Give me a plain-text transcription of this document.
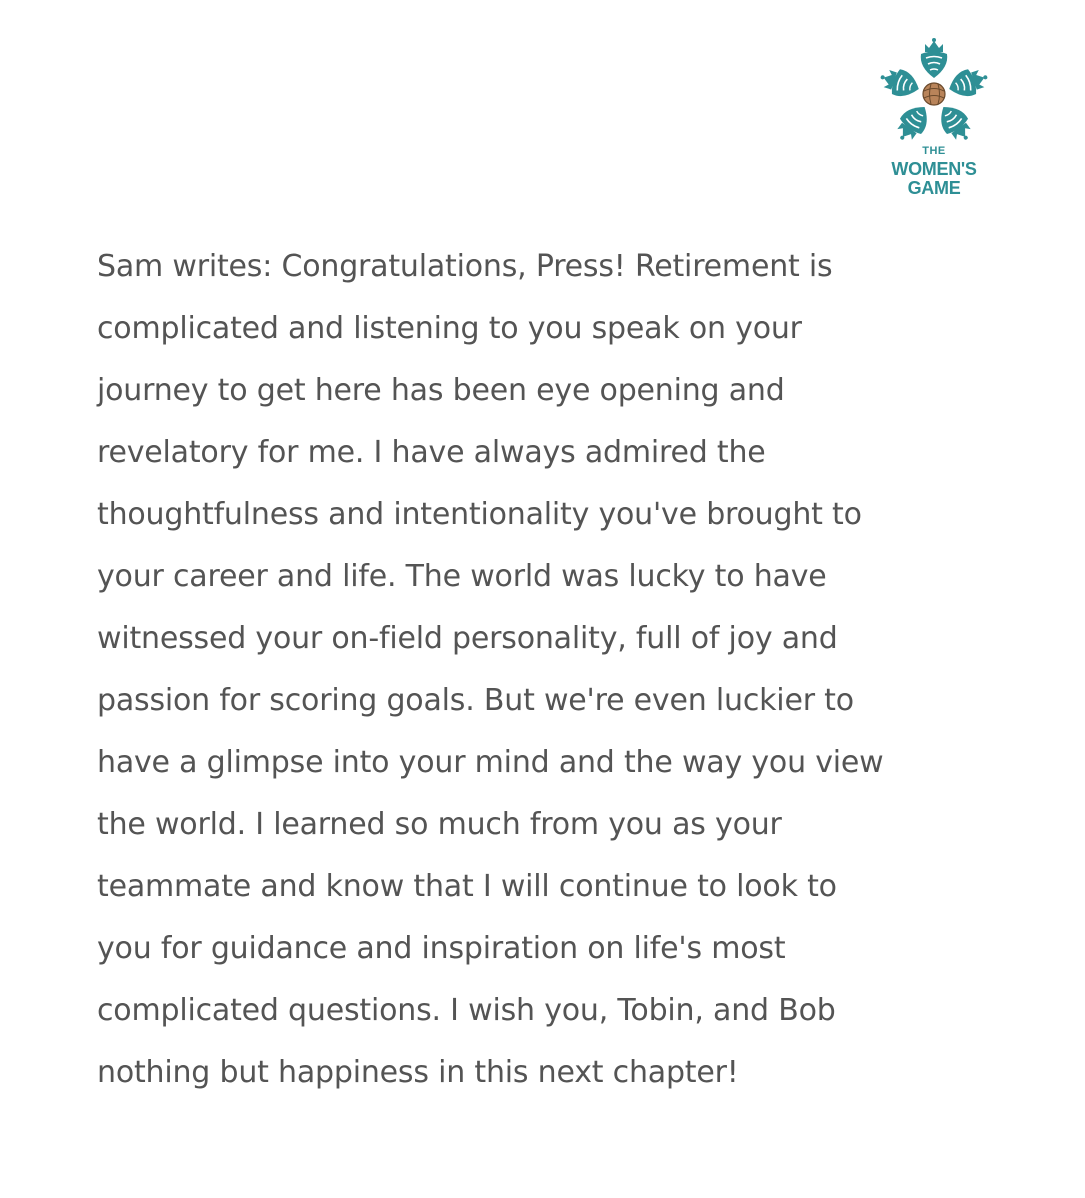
THE
WOMEN'S
GAME

Sam writes: Congratulations, Press! Retirement is
complicated and listening to you speak on your
journey to get here has been eye opening and
revelatory for me. I have always admired the
thoughtfulness and intentionality you've brought to
your career and life. The world was lucky to have
witnessed your on-field personality, full of joy and
passion for scoring goals. But we're even luckier to
have a glimpse into your mind and the way you view
the world. I learned so much from you as your
teammate and know that I will continue to look to
you for guidance and inspiration on life's most
complicated questions. I wish you, Tobin, and Bob
nothing but happiness in this next chapter!
